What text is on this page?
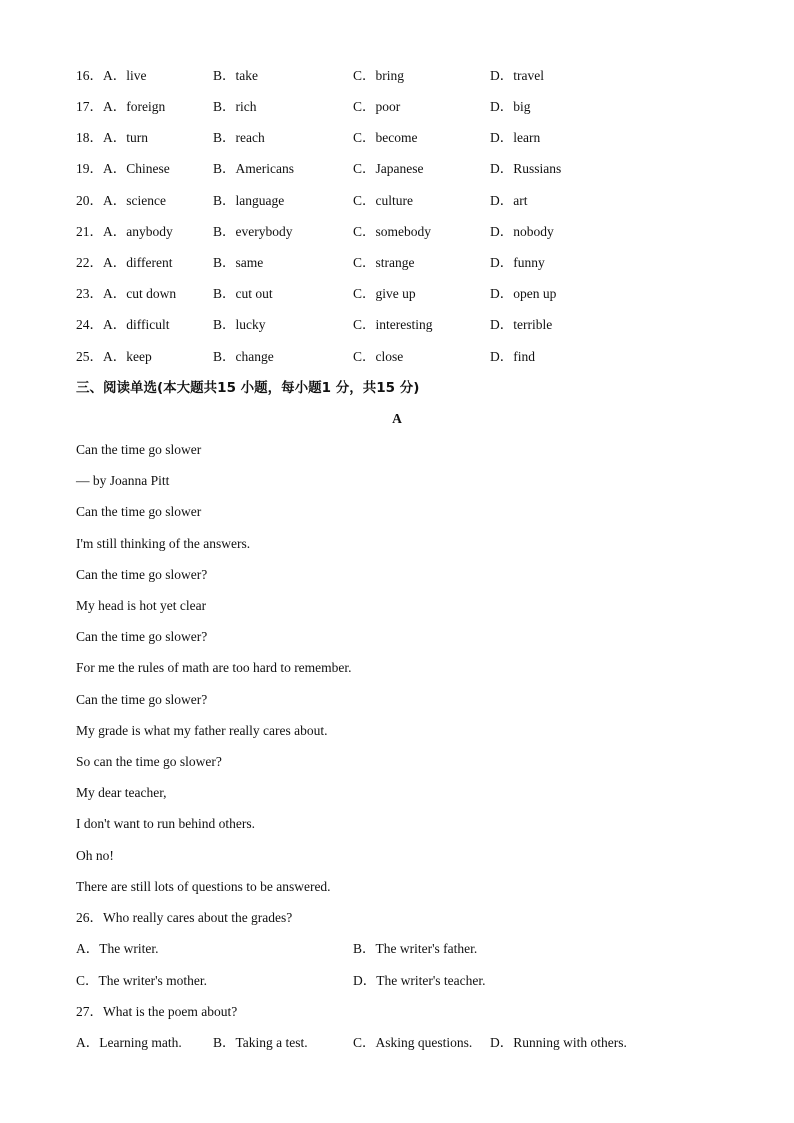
16．A．live	B．take	C．bring	D．travel
17．A．foreign	B．rich	C．poor	D．big
18．A．turn	B．reach	C．become	D．learn
19．A．Chinese	B．Americans	C．Japanese	D．Russians
20．A．science	B．language	C．culture	D．art
21．A．anybody	B．everybody	C．somebody	D．nobody
22．A．different	B．same	C．strange	D．funny
23．A．cut down	B．cut out	C．give up	D．open up
24．A．difficult	B．lucky	C．interesting	D．terrible
25．A．keep	B．change	C．close	D．find
三、阅读单选(本大题共15 小题，每小题1 分，共15 分)
A
Can the time go slower
— by Joanna Pitt
Can the time go slower
I'm still thinking of the answers.
Can the time go slower?
My head is hot yet clear
Can the time go slower?
For me the rules of math are too hard to remember.
Can the time go slower?
My grade is what my father really cares about.
So can the time go slower?
My dear teacher,
I don't want to run behind others.
Oh no!
There are still lots of questions to be answered.
26．Who really cares about the grades?
A．The writer.	B．The writer's father.
C．The writer's mother.	D．The writer's teacher.
27．What is the poem about?
A．Learning math. B．Taking a test.	C．Asking questions. D．Running with others.
